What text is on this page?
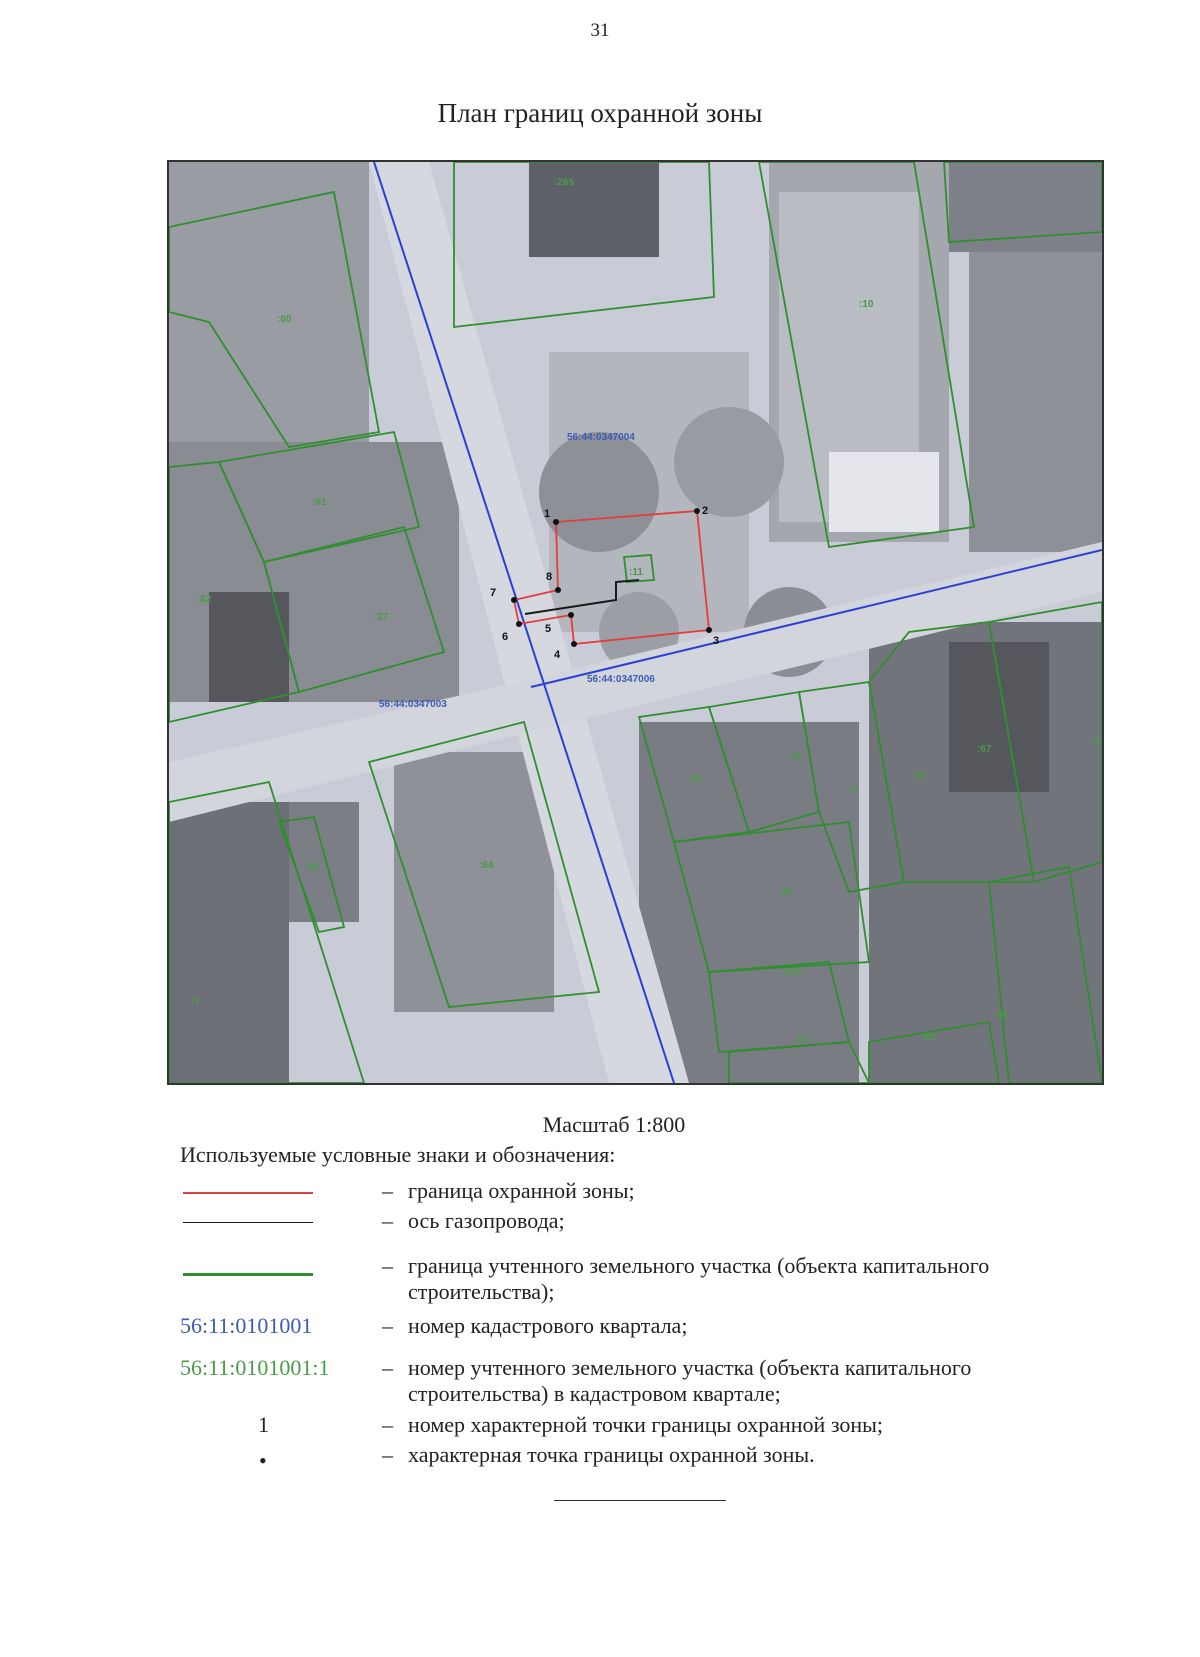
31
План границ охранной зоны
1	2
3
4
5
6
7
8
56:44:0347004
56:44:0347006
56:44:0347003
:265
:10
:60
:61
:62
:27
:11
:79
:78
:77
:76
:67
:66	:64
:80
:156
:1
:81	:83
:92
:2
Масштаб 1:800
Используемые условные знаки и обозначения:
– граница охранной зоны;
– ось газопровода;
– граница учтенного земельного участка (объекта капитального строительства);
56:11:0101001	– номер кадастрового квартала;
56:11:0101001:1 – номер учтенного земельного участка (объекта капитального строительства) в кадастровом квартале;
1	– номер характерной точки границы охранной зоны;
•	– характерная точка границы охранной зоны.
